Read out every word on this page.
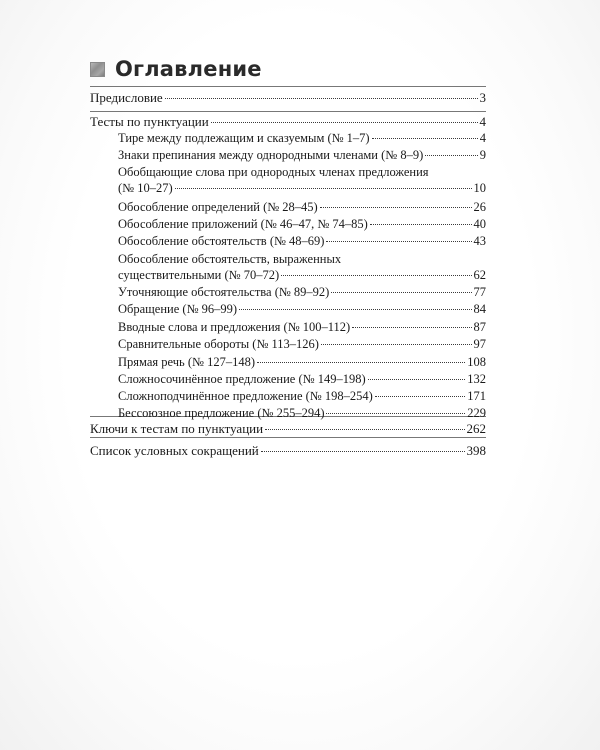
Оглавление
Предисловие	3
Тесты по пунктуации	4
Тире между подлежащим и сказуемым (№ 1–7)	4
Знаки препинания между однородными членами (№ 8–9)	9
Обобщающие слова при однородных членах предложения
(№ 10–27)	10
Обособление определений (№ 28–45)	26
Обособление приложений (№ 46–47, № 74–85)	40
Обособление обстоятельств (№ 48–69)	43
Обособление обстоятельств, выраженных
существительными (№ 70–72)	62
Уточняющие обстоятельства (№ 89–92)	77
Обращение (№ 96–99)	84
Вводные слова и предложения (№ 100–112)	87
Сравнительные обороты (№ 113–126)	97
Прямая речь (№ 127–148)	108
Сложносочинённое предложение (№ 149–198)	132
Сложноподчинённое предложение (№ 198–254)	171
Бессоюзное предложение (№ 255–294)	229
Ключи к тестам по пунктуации	262
Список условных сокращений	398
